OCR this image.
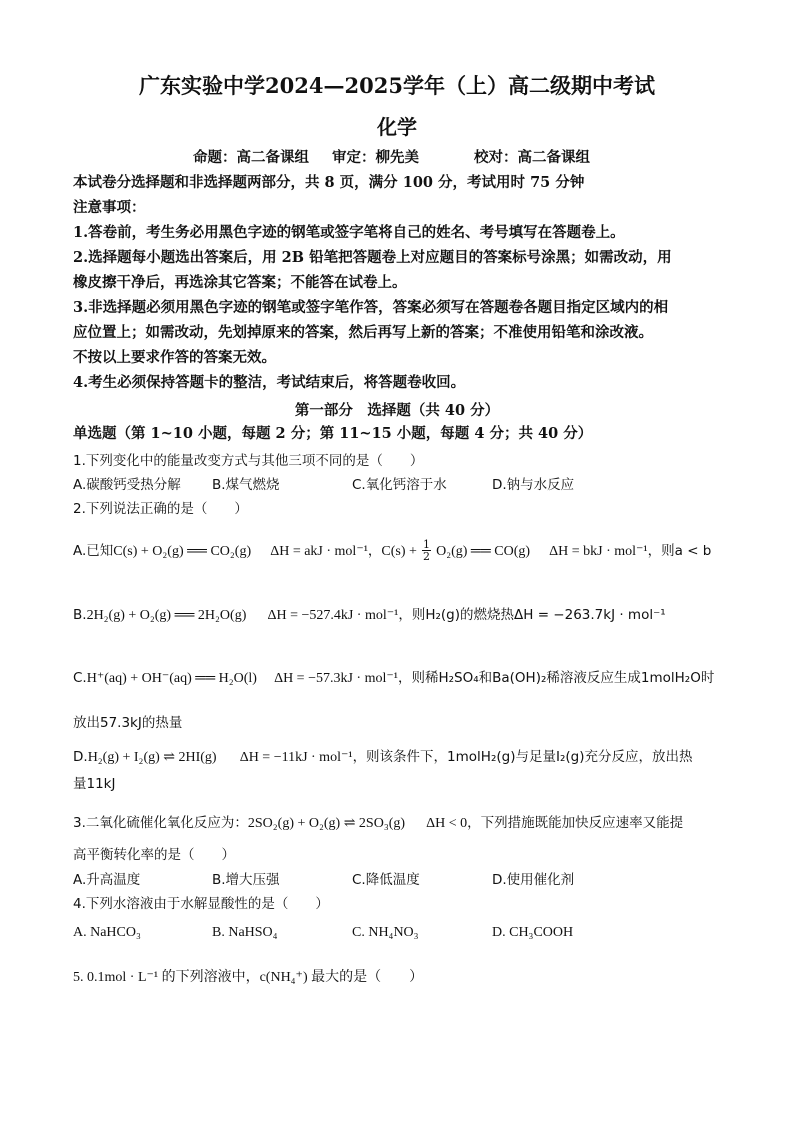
广东实验中学2024—2025学年（上）高二级期中考试
化学
命题：高二备课组 审定：柳先美	校对：高二备课组
本试卷分选择题和非选择题两部分，共 8 页，满分 100 分，考试用时 75 分钟
注意事项：
1.答卷前，考生务必用黑色字迹的钢笔或签字笔将自己的姓名、考号填写在答题卷上。
2.选择题每小题选出答案后，用 2B 铅笔把答题卷上对应题目的答案标号涂黑；如需改动，用
橡皮擦干净后，再选涂其它答案；不能答在试卷上。
3.非选择题必须用黑色字迹的钢笔或签字笔作答，答案必须写在答题卷各题目指定区域内的相
应位置上；如需改动，先划掉原来的答案，然后再写上新的答案；不准使用铅笔和涂改液。
不按以上要求作答的答案无效。
4.考生必须保持答题卡的整洁，考试结束后，将答题卷收回。
第一部分　选择题（共 40 分）
单选题（第 1~10 小题，每题 2 分；第 11~15 小题，每题 4 分；共 40 分）
1.下列变化中的能量改变方式与其他三项不同的是（　　）
A.碳酸钙受热分解 B.煤气燃烧	C.氧化钙溶于水	D.钠与水反应
2.下列说法正确的是（　　）
A.已知C(s) + O₂(g) ══ CO₂(g) ΔH = akJ · mol⁻¹，$C(s) + \frac{1}{2} O_2(g)$ ══ CO(g) ΔH = bkJ · mol⁻¹，则a < b
B.2H₂(g) + O₂(g) ══ 2H₂O(g) ΔH = −527.4kJ · mol⁻¹，则H₂(g)的燃烧热ΔH = −263.7kJ · mol⁻¹
C.H⁺(aq) + OH⁻(aq) ══ H₂O(l) ΔH = −57.3kJ · mol⁻¹，则稀H₂SO₄和Ba(OH)₂稀溶液反应生成1molH₂O时
放出57.3kJ的热量
D.H₂(g) + I₂(g) ⇌ 2HI(g) ΔH = −11kJ · mol⁻¹，则该条件下，1molH₂(g)与足量I₂(g)充分反应，放出热
量11kJ
3.二氧化硫催化氧化反应为：2SO₂(g) + O₂(g) ⇌ 2SO₃(g) ΔH < 0，下列措施既能加快反应速率又能提
高平衡转化率的是（　　）
A.升高温度	B.增大压强	C.降低温度	D.使用催化剂
4.下列水溶液由于水解显酸性的是（　　）
A. NaHCO₃	B. NaHSO₄	C. NH₄NO₃	D. CH₃COOH
5. 0.1mol · L⁻¹ 的下列溶液中，c(NH₄⁺) 最大的是（　　）
